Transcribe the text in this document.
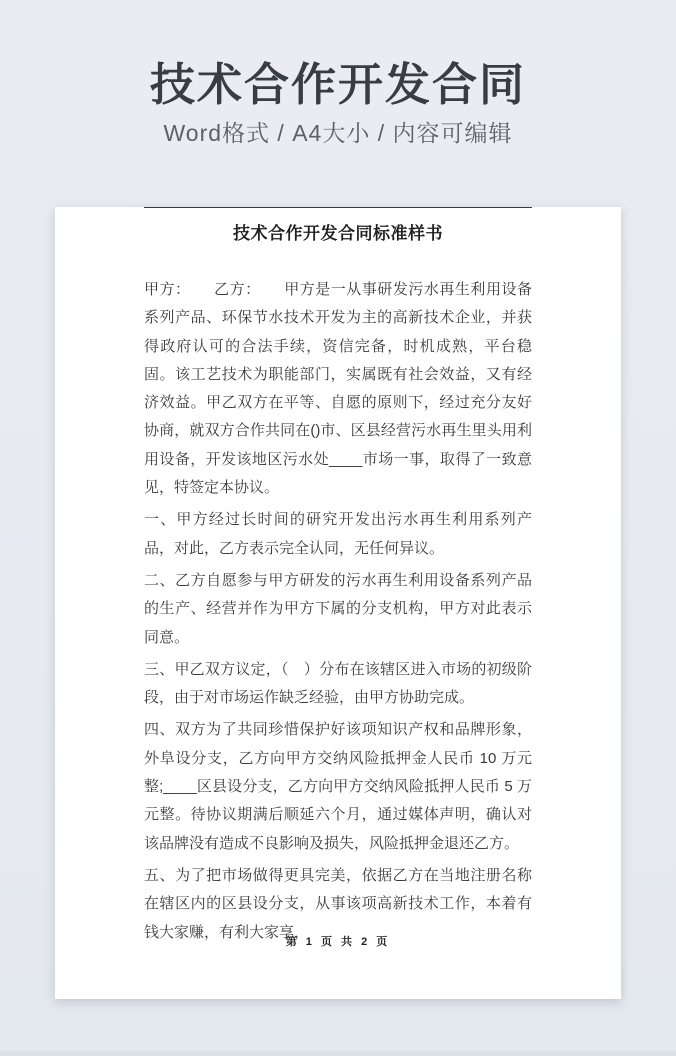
技术合作开发合同
Word格式 / A4大小 / 内容可编辑
技术合作开发合同标准样书

甲方：　　乙方：　　甲方是一从事研发污水再生利用设备系列产品、环保节水技术开发为主的高新技术企业，并获得政府认可的合法手续，资信完备，时机成熟，平台稳固。该工艺技术为职能部门，实属既有社会效益，又有经济效益。甲乙双方在平等、自愿的原则下，经过充分友好协商，就双方合作共同在()市、区县经营污水再生里头用利用设备，开发该地区污水处____市场一事，取得了一致意见，特签定本协议。

一、甲方经过长时间的研究开发出污水再生利用系列产品，对此，乙方表示完全认同，无任何异议。

二、乙方自愿参与甲方研发的污水再生利用设备系列产品的生产、经营并作为甲方下属的分支机构，甲方对此表示同意。

三、甲乙双方议定，（　）分布在该辖区进入市场的初级阶段，由于对市场运作缺乏经验，由甲方协助完成。

四、双方为了共同珍惜保护好该项知识产权和品牌形象，外阜设分支，乙方向甲方交纳风险抵押金人民币 10 万元整;____区县设分支，乙方向甲方交纳风险抵押人民币 5 万元整。待协议期满后顺延六个月，通过媒体声明，确认对该品牌没有造成不良影响及损失，风险抵押金退还乙方。

五、为了把市场做得更具完美，依据乙方在当地注册名称在辖区内的区县设分支，从事该项高新技术工作，本着有钱大家赚，有利大家享，

第 1 页 共 2 页
